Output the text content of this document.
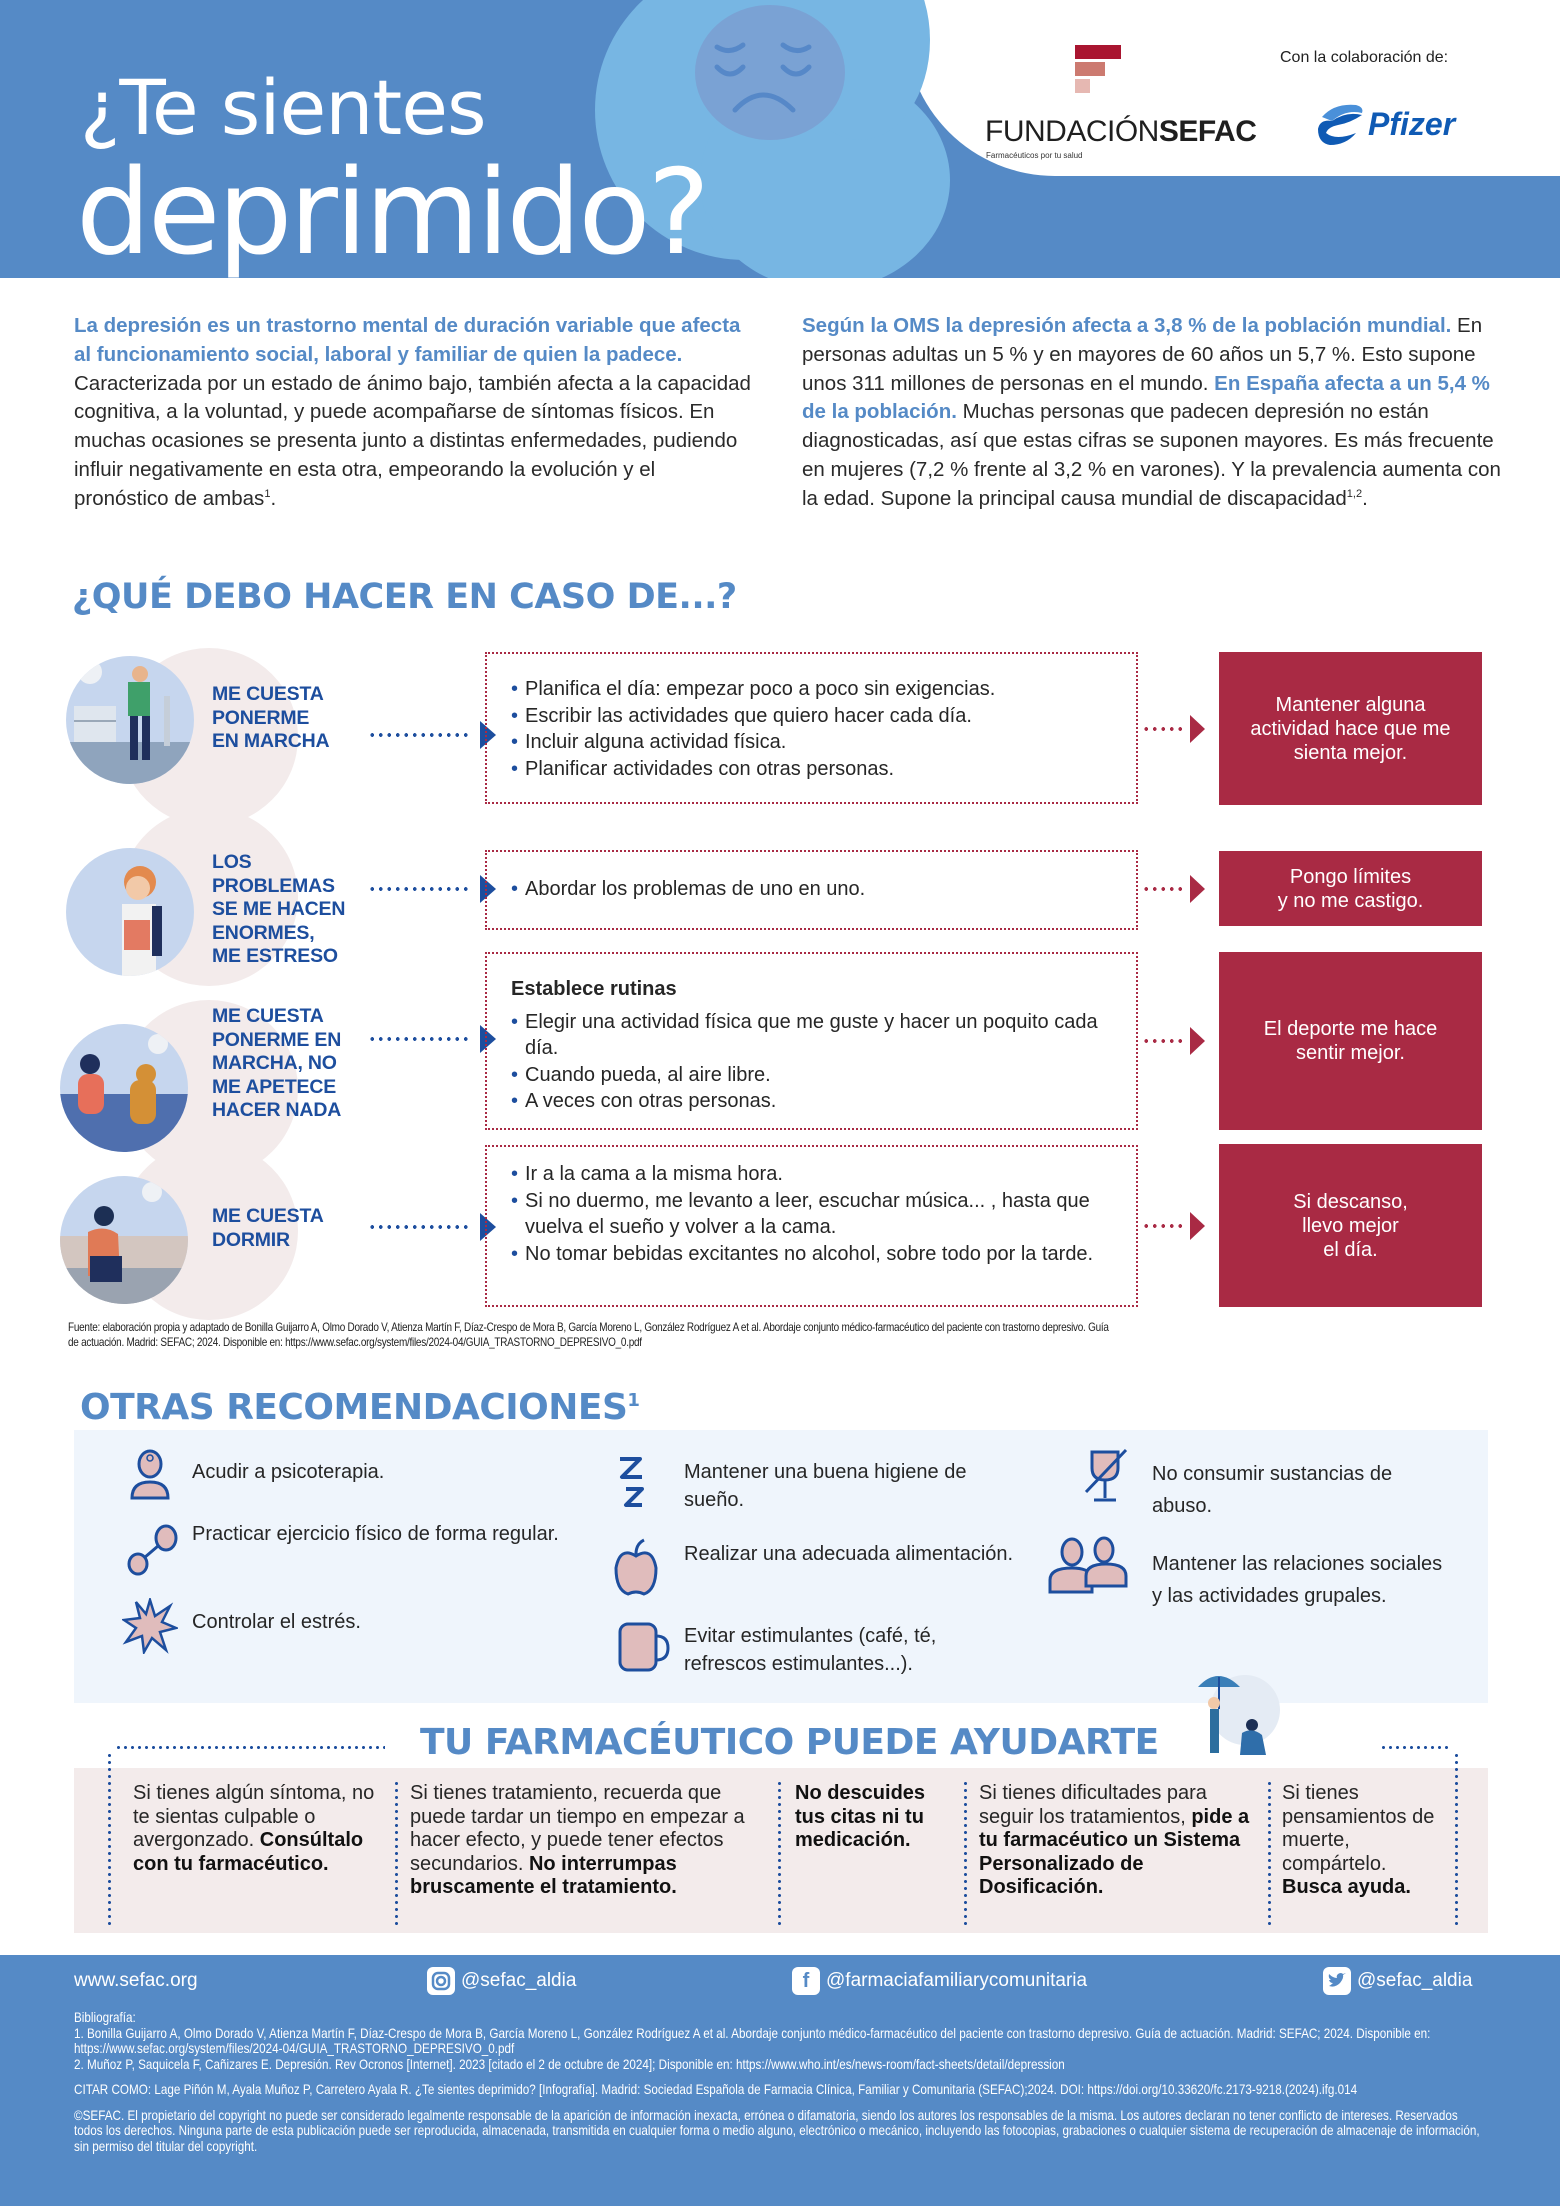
¿Te sientes
deprimido?
FUNDACIÓNSEFAC
Farmacéuticos por tu salud
Con la colaboración de:
Pfizer
La depresión es un trastorno mental de duración variable que afecta al funcionamiento social, laboral y familiar de quien la padece. Caracterizada por un estado de ánimo bajo, también afecta a la capacidad cognitiva, a la voluntad, y puede acompañarse de síntomas físicos. En muchas ocasiones se presenta junto a distintas enfermedades, pudiendo influir negativamente en esta otra, empeorando la evolución y el pronóstico de ambas$^1$.
Según la OMS la depresión afecta a 3,8 % de la población mundial. En personas adultas un 5 % y en mayores de 60 años un 5,7 %. Esto supone unos 311 millones de personas en el mundo. En España afecta a un 5,4 % de la población. Muchas personas que padecen depresión no están diagnosticadas, así que estas cifras se suponen mayores. Es más frecuente en mujeres (7,2 % frente al 3,2 % en varones). Y la prevalencia aumenta con la edad. Supone la principal causa mundial de discapacidad$^{1,2}$.
¿QUÉ DEBO HACER EN CASO DE...?
ME CUESTA
PONERME
EN MARCHA
• Planifica el día: empezar poco a poco sin exigencias.
• Escribir las actividades que quiero hacer cada día.
• Incluir alguna actividad física.
• Planificar actividades con otras personas.
Mantener alguna actividad hace que me sienta mejor.
LOS PROBLEMAS
SE ME HACEN
ENORMES,
ME ESTRESO
• Abordar los problemas de uno en uno.
Pongo límites
y no me castigo.
ME CUESTA
PONERME EN
MARCHA, NO
ME APETECE
HACER NADA
Establece rutinas
• Elegir una actividad física que me guste y hacer un poquito cada día.
• Cuando pueda, al aire libre.
• A veces con otras personas.
El deporte me hace sentir mejor.
ME CUESTA
DORMIR
• Ir a la cama a la misma hora.
• Si no duermo, me levanto a leer, escuchar música... , hasta que vuelva el sueño y volver a la cama.
• No tomar bebidas excitantes no alcohol, sobre todo por la tarde.
Si descanso,
llevo mejor
el día.
Fuente: elaboración propia y adaptado de Bonilla Guijarro A, Olmo Dorado V, Atienza Martín F, Díaz-Crespo de Mora B, García Moreno L, González Rodríguez A et al. Abordaje conjunto médico-farmacéutico del paciente con trastorno depresivo. Guía de actuación. Madrid: SEFAC; 2024. Disponible en: https://www.sefac.org/system/files/2024-04/GUIA_TRASTORNO_DEPRESIVO_0.pdf
OTRAS RECOMENDACIONES$^1$
Acudir a psicoterapia.
Practicar ejercicio físico de forma regular.
Controlar el estrés.
Mantener una buena higiene de sueño.
Realizar una adecuada alimentación.
Evitar estimulantes (café, té, refrescos estimulantes...).
No consumir sustancias de abuso.
Mantener las relaciones sociales y las actividades grupales.
TU FARMACÉUTICO PUEDE AYUDARTE
Si tienes algún síntoma, no te sientas culpable o avergonzado. Consúltalo con tu farmacéutico.
Si tienes tratamiento, recuerda que puede tardar un tiempo en empezar a hacer efecto, y puede tener efectos secundarios. No interrumpas bruscamente el tratamiento.
No descuides tus citas ni tu medicación.
Si tienes dificultades para seguir los tratamientos, pide a tu farmacéutico un Sistema Personalizado de Dosificación.
Si tienes pensamientos de muerte, compártelo. Busca ayuda.
www.sefac.org	@sefac_aldia	f @farmaciafamiliarycomunitaria	@sefac_aldia

Bibliografía:

1. Bonilla Guijarro A, Olmo Dorado V, Atienza Martín F, Díaz-Crespo de Mora B, García Moreno L, González Rodríguez A et al. Abordaje conjunto médico-farmacéutico del paciente con trastorno depresivo. Guía de actuación. Madrid: SEFAC; 2024. Disponible en: https://www.sefac.org/system/files/2024-04/GUIA_TRASTORNO_DEPRESIVO_0.pdf

2. Muñoz P, Saquicela F, Cañizares E. Depresión. Rev Ocronos [Internet]. 2023 [citado el 2 de octubre de 2024]; Disponible en: https://www.who.int/es/news-room/fact-sheets/detail/depression

CITAR COMO: Lage Piñón M, Ayala Muñoz P, Carretero Ayala R. ¿Te sientes deprimido? [Infografía]. Madrid: Sociedad Española de Farmacia Clínica, Familiar y Comunitaria (SEFAC);2024. DOI: https://doi.org/10.33620/fc.2173-9218.(2024).ifg.014

©SEFAC. El propietario del copyright no puede ser considerado legalmente responsable de la aparición de información inexacta, errónea o difamatoria, siendo los autores los responsables de la misma. Los autores declaran no tener conflicto de intereses. Reservados todos los derechos. Ninguna parte de esta publicación puede ser reproducida, almacenada, transmitida en cualquier forma o medio alguno, electrónico o mecánico, incluyendo las fotocopias, grabaciones o cualquier sistema de recuperación de almacenaje de información, sin permiso del titular del copyright.
